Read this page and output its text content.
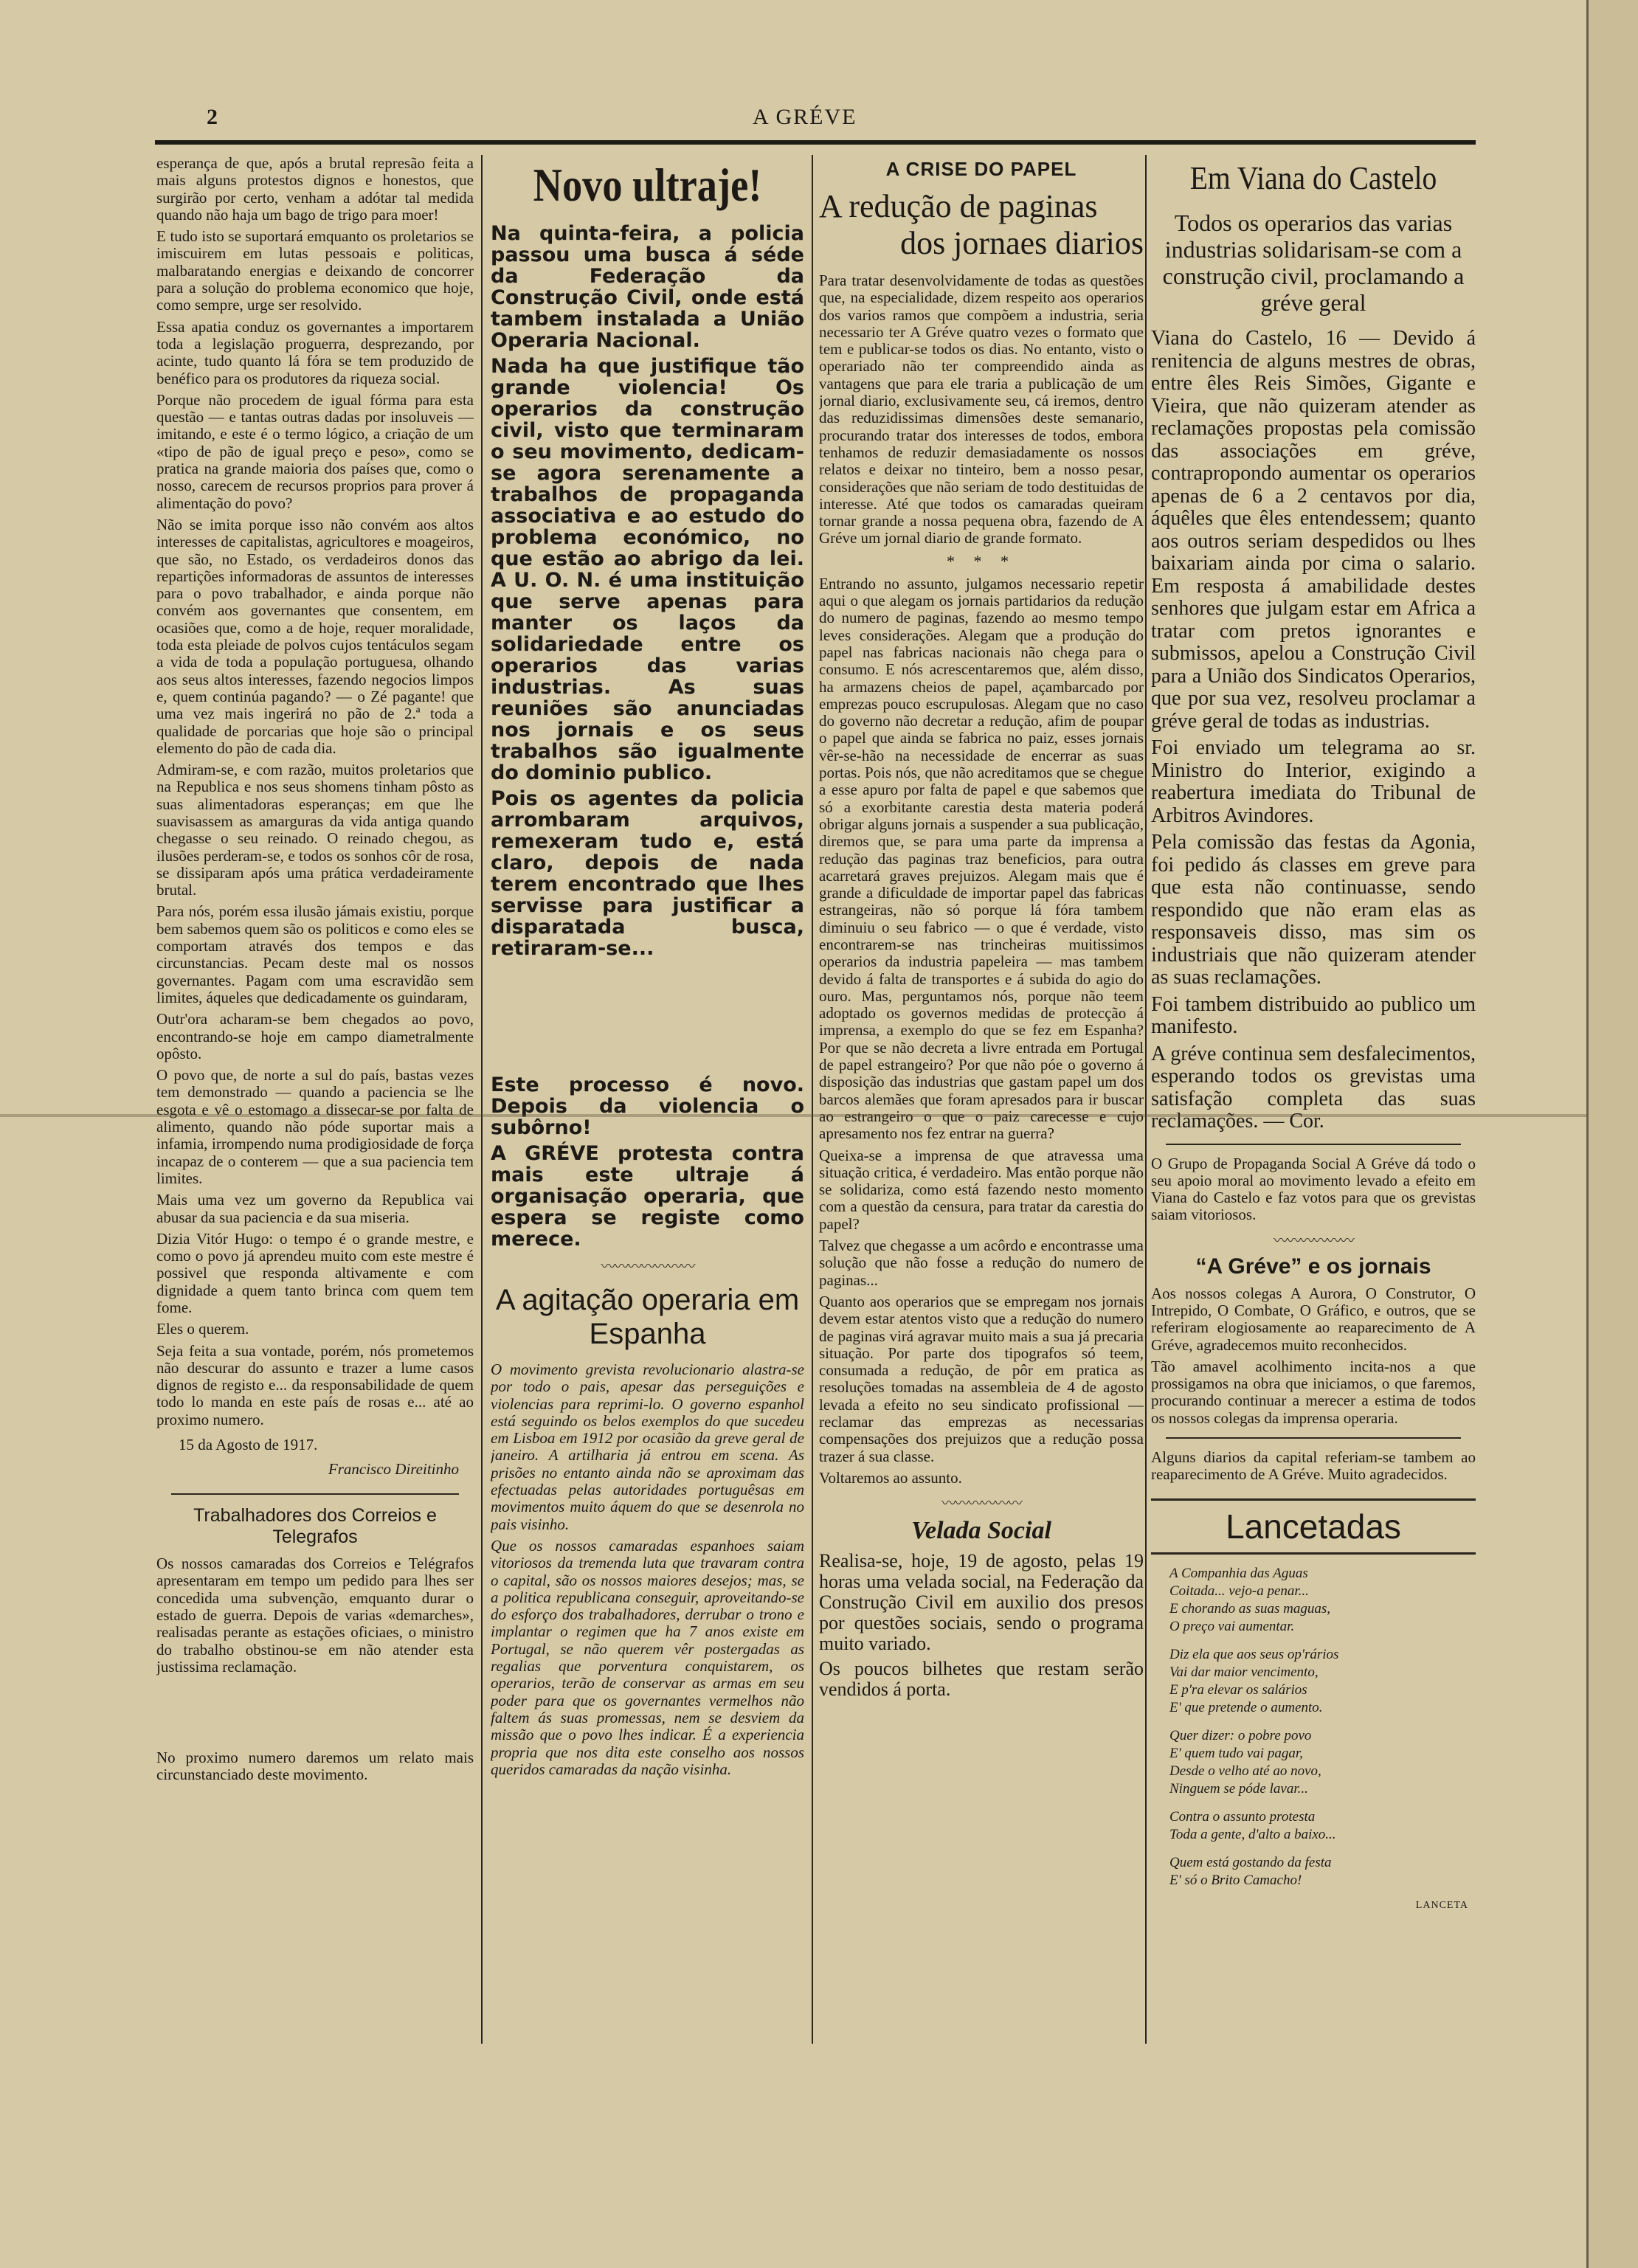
2	A GRÉVE

esperança de que, após a brutal represão feita a mais alguns protestos dignos e honestos, que surgirão por certo, venham a adótar tal medida quando não haja um bago de trigo para moer!

E tudo isto se suportará emquanto os proletarios se imiscuirem em lutas pessoais e politicas, malbaratando energias e deixando de concorrer para a solução do problema economico que hoje, como sempre, urge ser resolvido.

Essa apatia conduz os governantes a importarem toda a legislação proguerra, desprezando, por acinte, tudo quanto lá fóra se tem produzido de benéfico para os produtores da riqueza social.

Porque não procedem de igual fórma para esta questão — e tantas outras dadas por insoluveis — imitando, e este é o termo lógico, a criação de um «tipo de pão de igual preço e peso», como se pratica na grande maioria dos países que, como o nosso, carecem de recursos proprios para prover á alimentação do povo?

Não se imita porque isso não convém aos altos interesses de capitalistas, agricultores e moageiros, que são, no Estado, os verdadeiros donos das repartições informadoras de assuntos de interesses para o povo trabalhador, e ainda porque não convém aos governantes que consentem, em ocasiões que, como a de hoje, requer moralidade, toda esta pleiade de polvos cujos tentáculos segam a vida de toda a população portuguesa, olhando aos seus altos interesses, fazendo negocios limpos e, quem continúa pagando? — o Zé pagante! que uma vez mais ingerirá no pão de 2.ª toda a qualidade de porcarias que hoje são o principal elemento do pão de cada dia.

Admiram-se, e com razão, muitos proletarios que na Republica e nos seus shomens tinham pôsto as suas alimentadoras esperanças; em que lhe suavisassem as amarguras da vida antiga quando chegasse o seu reinado. O reinado chegou, as ilusões perderam-se, e todos os sonhos côr de rosa, se dissiparam após uma prática verdadeiramente brutal.

Para nós, porém essa ilusão jámais existiu, porque bem sabemos quem são os politicos e como eles se comportam através dos tempos e das circunstancias. Pecam deste mal os nossos governantes. Pagam com uma escravidão sem limites, áqueles que dedicadamente os guindaram,

Outr'ora acharam-se bem chegados ao povo, encontrando-se hoje em campo diametralmente opôsto.

O povo que, de norte a sul do país, bastas vezes tem demonstrado — quando a paciencia se lhe esgota e vê o estomago a dissecar-se por falta de alimento, quando não póde suportar mais a infamia, irrompendo numa prodigiosidade de força incapaz de o conterem — que a sua paciencia tem limites.

Mais uma vez um governo da Republica vai abusar da sua paciencia e da sua miseria.

Dizia Vitór Hugo: o tempo é o grande mestre, e como o povo já aprendeu muito com este mestre é possivel que responda altivamente e com dignidade a quem tanto brinca com quem tem fome.

Eles o querem.

Seja feita a sua vontade, porém, nós prometemos não descurar do assunto e trazer a lume casos dignos de registo e... da responsabilidade de quem todo lo manda en este país de rosas e... até ao proximo numero.

15 da Agosto de 1917.
Francisco Direitinho
Trabalhadores dos Correios e Telegrafos

Os nossos camaradas dos Correios e Telégrafos apresentaram em tempo um pedido para lhes ser concedida uma subvenção, emquanto durar o estado de guerra. Depois de varias «demarches», realisadas perante as estações oficiaes, o ministro do trabalho obstinou-se em não atender esta justissima reclamação.

No proximo numero daremos um relato mais circunstanciado deste movimento.

Novo ultraje!

Na quinta-feira, a policia passou uma busca á séde da Federação da Construção Civil, onde está tambem instalada a União Operaria Nacional.

Nada ha que justifique tão grande violencia! Os operarios da construção civil, visto que terminaram o seu movimento, dedicam-se agora serenamente a trabalhos de propaganda associativa e ao estudo do problema económico, no que estão ao abrigo da lei. A U. O. N. é uma instituição que serve apenas para manter os laços da solidariedade entre os operarios das varias industrias. As suas reuniões são anunciadas nos jornais e os seus trabalhos são igualmente do dominio publico.

Pois os agentes da policia arrombaram arquivos, remexeram tudo e, está claro, depois de nada terem encontrado que lhes servisse para justificar a disparatada busca, retiraram-se...

Este processo é novo. Depois da violencia o subôrno!

A GRÉVE protesta contra mais este ultraje á organisação operaria, que espera se registe como merece.

〰〰〰〰〰〰〰
A agitação operaria em Espanha

O movimento grevista revolucionario alastra-se por todo o pais, apesar das perseguições e violencias para reprimi-lo. O governo espanhol está seguindo os belos exemplos do que sucedeu em Lisboa em 1912 por ocasião da greve geral de janeiro. A artilharia já entrou em scena. As prisões no entanto ainda não se aproximam das efectuadas pelas autoridades portuguêsas em movimentos muito áquem do que se desenrola no pais visinho.

Que os nossos camaradas espanhoes saiam vitoriosos da tremenda luta que travaram contra o capital, são os nossos maiores desejos; mas, se a politica republicana conseguir, aproveitando-se do esforço dos trabalhadores, derrubar o trono e implantar o regimen que ha 7 anos existe em Portugal, se não querem vêr postergadas as regalias que porventura conquistarem, os operarios, terão de conservar as armas em seu poder para que os governantes vermelhos não faltem ás suas promessas, nem se desviem da missão que o povo lhes indicar. É a experiencia propria que nos dita este conselho aos nossos queridos camaradas da nação visinha.

A CRISE DO PAPEL
A redução de paginas
dos jornaes diarios

Para tratar desenvolvidamente de todas as questões que, na especialidade, dizem respeito aos operarios dos varios ramos que compõem a industria, seria necessario ter A Gréve quatro vezes o formato que tem e publicar-se todos os dias. No entanto, visto o operariado não ter compreendido ainda as vantagens que para ele traria a publicação de um jornal diario, exclusivamente seu, cá iremos, dentro das reduzidissimas dimensões deste semanario, procurando tratar dos interesses de todos, embora tenhamos de reduzir demasiadamente os nossos relatos e deixar no tinteiro, bem a nosso pesar, considerações que não seriam de todo destituidas de interesse. Até que todos os camaradas queiram tornar grande a nossa pequena obra, fazendo de A Gréve um jornal diario de grande formato.

* * *

Entrando no assunto, julgamos necessario repetir aqui o que alegam os jornais partidarios da redução do numero de paginas, fazendo ao mesmo tempo leves considerações. Alegam que a produção do papel nas fabricas nacionais não chega para o consumo. E nós acrescentaremos que, além disso, ha armazens cheios de papel, açambarcado por emprezas pouco escrupulosas. Alegam que no caso do governo não decretar a redução, afim de poupar o papel que ainda se fabrica no paiz, esses jornais vêr-se-hão na necessidade de encerrar as suas portas. Pois nós, que não acreditamos que se chegue a esse apuro por falta de papel e que sabemos que só a exorbitante carestia desta materia poderá obrigar alguns jornais a suspender a sua publicação, diremos que, se para uma parte da imprensa a redução das paginas traz beneficios, para outra acarretará graves prejuizos. Alegam mais que é grande a dificuldade de importar papel das fabricas estrangeiras, não só porque lá fóra tambem diminuiu o seu fabrico — o que é verdade, visto encontrarem-se nas trincheiras muitissimos operarios da industria papeleira — mas tambem devido á falta de transportes e á subida do agio do ouro. Mas, perguntamos nós, porque não teem adoptado os governos medidas de protecção á imprensa, a exemplo do que se fez em Espanha? Por que se não decreta a livre entrada em Portugal de papel estrangeiro? Por que não póe o governo á disposição das industrias que gastam papel um dos barcos alemães que foram apresados para ir buscar ao estrangeiro o que o paiz carecesse e cujo apresamento nos fez entrar na guerra?

Queixa-se a imprensa de que atravessa uma situação critica, é verdadeiro. Mas então porque não se solidariza, como está fazendo nesto momento com a questão da censura, para tratar da carestia do papel?

Talvez que chegasse a um acôrdo e encontrasse uma solução que não fosse a redução do numero de paginas...

Quanto aos operarios que se empregam nos jornais devem estar atentos visto que a redução do numero de paginas virá agravar muito mais a sua já precaria situação. Por parte dos tipografos só teem, consumada a redução, de pôr em pratica as resoluções tomadas na assembleia de 4 de agosto levada a efeito no seu sindicato profissional — reclamar das emprezas as necessarias compensações dos prejuizos que a redução possa trazer á sua classe.

Voltaremos ao assunto.

〰〰〰〰〰〰
Velada Social

Realisa-se, hoje, 19 de agosto, pelas 19 horas uma velada social, na Federação da Construção Civil em auxilio dos presos por questões sociais, sendo o programa muito variado.

Os poucos bilhetes que restam serão vendidos á porta.

Em Viana do Castelo
Todos os operarios das varias industrias solidarisam-se com a construção civil, proclamando a gréve geral

Viana do Castelo, 16 — Devido á renitencia de alguns mestres de obras, entre êles Reis Simões, Gigante e Vieira, que não quizeram atender as reclamações propostas pela comissão das associações em gréve, contrapropondo aumentar os operarios apenas de 6 a 2 centavos por dia, áquêles que êles entendessem; quanto aos outros seriam despedidos ou lhes baixariam ainda por cima o salario. Em resposta á amabilidade destes senhores que julgam estar em Africa a tratar com pretos ignorantes e submissos, apelou a Construção Civil para a União dos Sindicatos Operarios, que por sua vez, resolveu proclamar a gréve geral de todas as industrias.

Foi enviado um telegrama ao sr. Ministro do Interior, exigindo a reabertura imediata do Tribunal de Arbitros Avindores.

Pela comissão das festas da Agonia, foi pedido ás classes em greve para que esta não continuasse, sendo respondido que não eram elas as responsaveis disso, mas sim os industriais que não quizeram atender as suas reclamações.

Foi tambem distribuido ao publico um manifesto.

A gréve continua sem desfalecimentos, esperando todos os grevistas uma satisfação completa das suas reclamações. — Cor.

O Grupo de Propaganda Social A Gréve dá todo o seu apoio moral ao movimento levado a efeito em Viana do Castelo e faz votos para que os grevistas saiam vitoriosos.

〰〰〰〰〰〰
“A Gréve” e os jornais

Aos nossos colegas A Aurora, O Construtor, O Intrepido, O Combate, O Gráfico, e outros, que se referiram elogiosamente ao reaparecimento de A Gréve, agradecemos muito reconhecidos.

Tão amavel acolhimento incita-nos a que prossigamos na obra que iniciamos, o que faremos, procurando continuar a merecer a estima de todos os nossos colegas da imprensa operaria.

Alguns diarios da capital referiam-se tambem ao reaparecimento de A Gréve. Muito agradecidos.

Lancetadas

A Companhia das Aguas
Coitada... vejo-a penar...
E chorando as suas maguas,
O preço vai aumentar.

Diz ela que aos seus op'rários
Vai dar maior vencimento,
E p'ra elevar os salários
E' que pretende o aumento.

Quer dizer: o pobre povo
E' quem tudo vai pagar,
Desde o velho até ao novo,
Ninguem se póde lavar...

Contra o assunto protesta
Toda a gente, d'alto a baixo...

Quem está gostando da festa
E' só o Brito Camacho!

LANCETA
